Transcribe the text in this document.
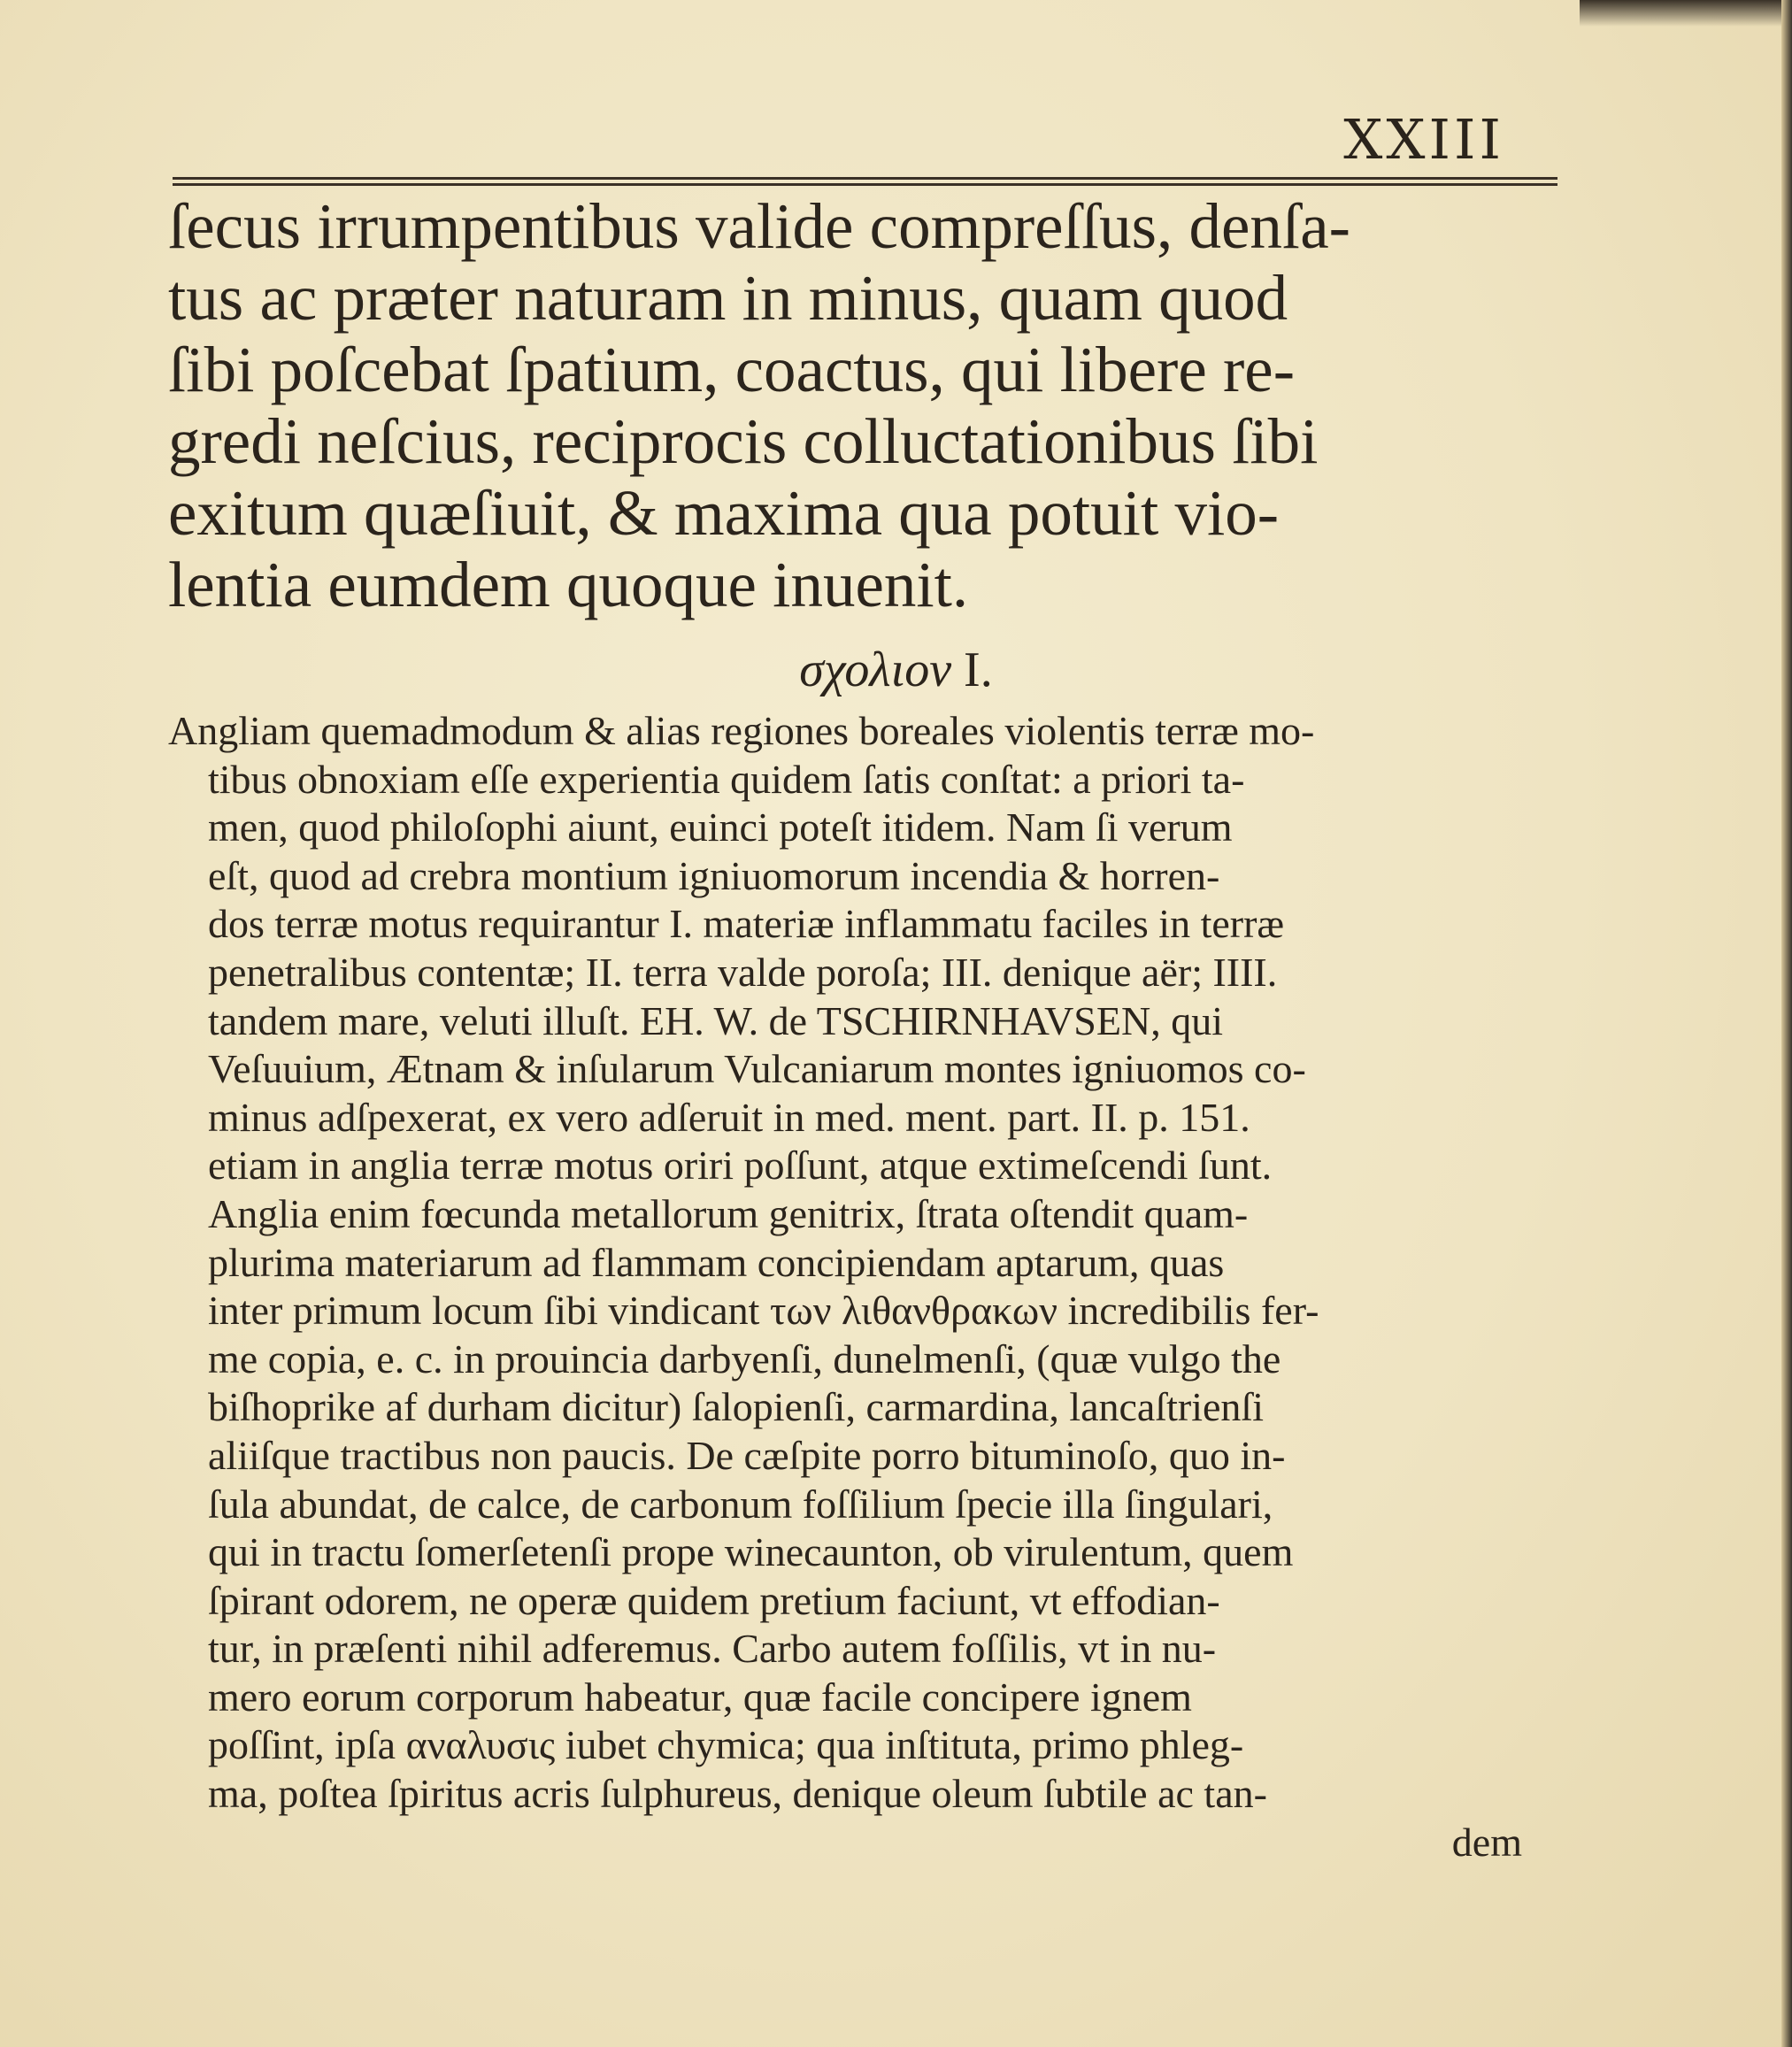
XXIII
ſecus irrumpentibus valide compreſſus, denſa-
tus ac præter naturam in minus, quam quod
ſibi poſcebat ſpatium, coactus, qui libere re-
gredi neſcius, reciprocis colluctationibus ſibi
exitum quæſiuit, & maxima qua potuit vio-
lentia eumdem quoque inuenit.
σχολιον I.
Angliam quemadmodum & alias regiones boreales violentis terræ mo-
tibus obnoxiam eſſe experientia quidem ſatis conſtat: a priori ta-
men, quod philoſophi aiunt, euinci poteſt itidem. Nam ſi verum
eſt, quod ad crebra montium igniuomorum incendia & horren-
dos terræ motus requirantur I. materiæ inflammatu faciles in terræ
penetralibus contentæ; II. terra valde poroſa; III. denique aër; IIII.
tandem mare, veluti illuſt. EH. W. de TSCHIRNHAVSEN, qui
Veſuuium, Ætnam & inſularum Vulcaniarum montes igniuomos co-
minus adſpexerat, ex vero adſeruit in med. ment. part. II. p. 151.
etiam in anglia terræ motus oriri poſſunt, atque extimeſcendi ſunt.
Anglia enim fœcunda metallorum genitrix, ſtrata oſtendit quam-
plurima materiarum ad flammam concipiendam aptarum, quas
inter primum locum ſibi vindicant των λιθανθρακων incredibilis fer-
me copia, e. c. in prouincia darbyenſi, dunelmenſi, (quæ vulgo the
biſhoprike af durham dicitur) ſalopienſi, carmardina, lancaſtrienſi
aliiſque tractibus non paucis. De cæſpite porro bituminoſo, quo in-
ſula abundat, de calce, de carbonum foſſilium ſpecie illa ſingulari,
qui in tractu ſomerſetenſi prope winecaunton, ob virulentum, quem
ſpirant odorem, ne operæ quidem pretium faciunt, vt effodian-
tur, in præſenti nihil adferemus. Carbo autem foſſilis, vt in nu-
mero eorum corporum habeatur, quæ facile concipere ignem
poſſint, ipſa αναλυσις iubet chymica; qua inſtituta, primo phleg-
ma, poſtea ſpiritus acris ſulphureus, denique oleum ſubtile ac tan-
dem
